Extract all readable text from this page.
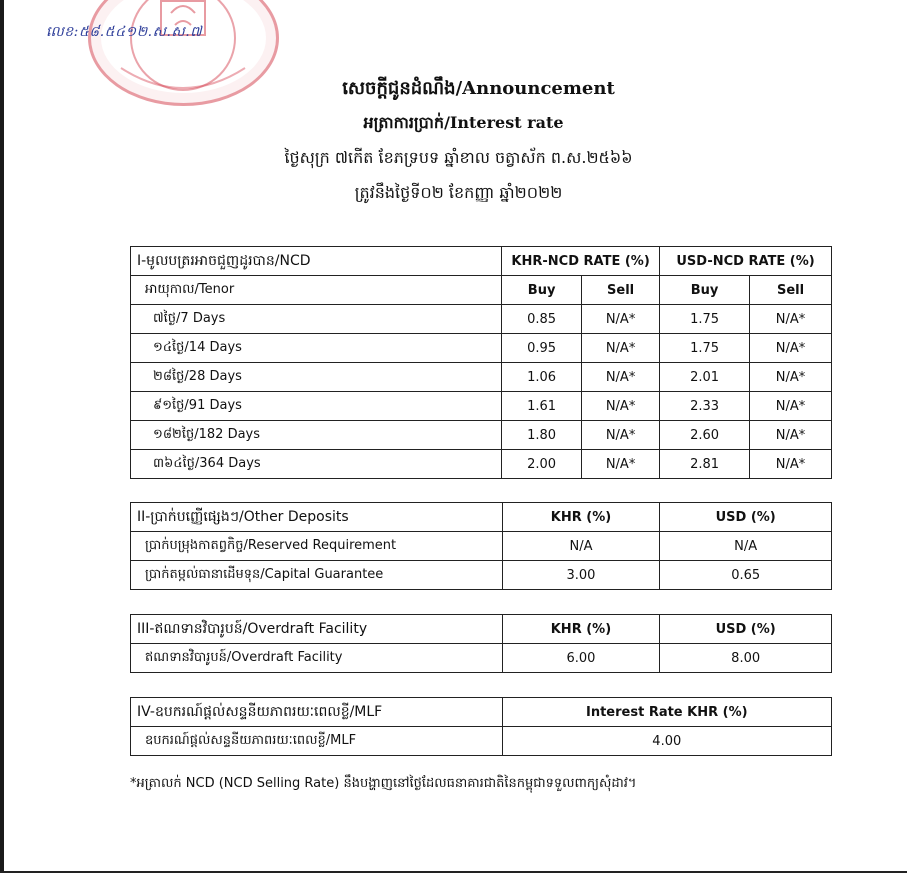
លេខ:៥៨.៥៤១២.ស.ស.៧
សេចក្តីជូនដំណឹង/Announcement
អត្រាការប្រាក់/Interest rate
ថ្ងៃសុក្រ ៧កើត ខែភទ្របទ ឆ្នាំខាល ចត្វាស័ក ព.ស.២៥៦៦
ត្រូវនឹងថ្ងៃទី០២ ខែកញ្ញា ឆ្នាំ២០២២
I-មូលបត្ររអាចជួញដូរបាន/NCD	KHR-NCD RATE (%)		USD-NCD RATE (%)	
អាយុកាល/Tenor	Buy	Sell	Buy	Sell
៧ថ្ងៃ/7 Days	0.85	N/A*	1.75	N/A*
១៤ថ្ងៃ/14 Days	0.95	N/A*	1.75	N/A*
២៨ថ្ងៃ/28 Days	1.06	N/A*	2.01	N/A*
៩១ថ្ងៃ/91 Days	1.61	N/A*	2.33	N/A*
១៨២ថ្ងៃ/182 Days	1.80	N/A*	2.60	N/A*
៣៦៤ថ្ងៃ/364 Days	2.00	N/A*	2.81	N/A*
II-ប្រាក់បញ្ញើផ្សេងៗ/Other Deposits	KHR (%)	USD (%)
ប្រាក់បម្រុងកាតព្វកិច្ច/Reserved Requirement	N/A	N/A
ប្រាក់តម្កល់ធានាដើមទុន/Capital Guarantee	3.00	0.65
III-ឥណទានវិបារូបន៍/Overdraft Facility	KHR (%)	USD (%)
ឥណទានវិបារូបន៍/Overdraft Facility	6.00	8.00
IV-ឧបករណ៍ផ្តល់សន្ទនីយភាពរយៈពេលខ្លី/MLF	Interest Rate KHR (%)
ឧបករណ៍ផ្តល់សន្ទនីយភាពរយៈពេលខ្លី/MLF	4.00
*អត្រាលក់ NCD (NCD Selling Rate) នឹងបង្ហាញនៅថ្ងៃដែលធនាគារជាតិនៃកម្ពុជាទទួលពាក្យសុំដាវ។
